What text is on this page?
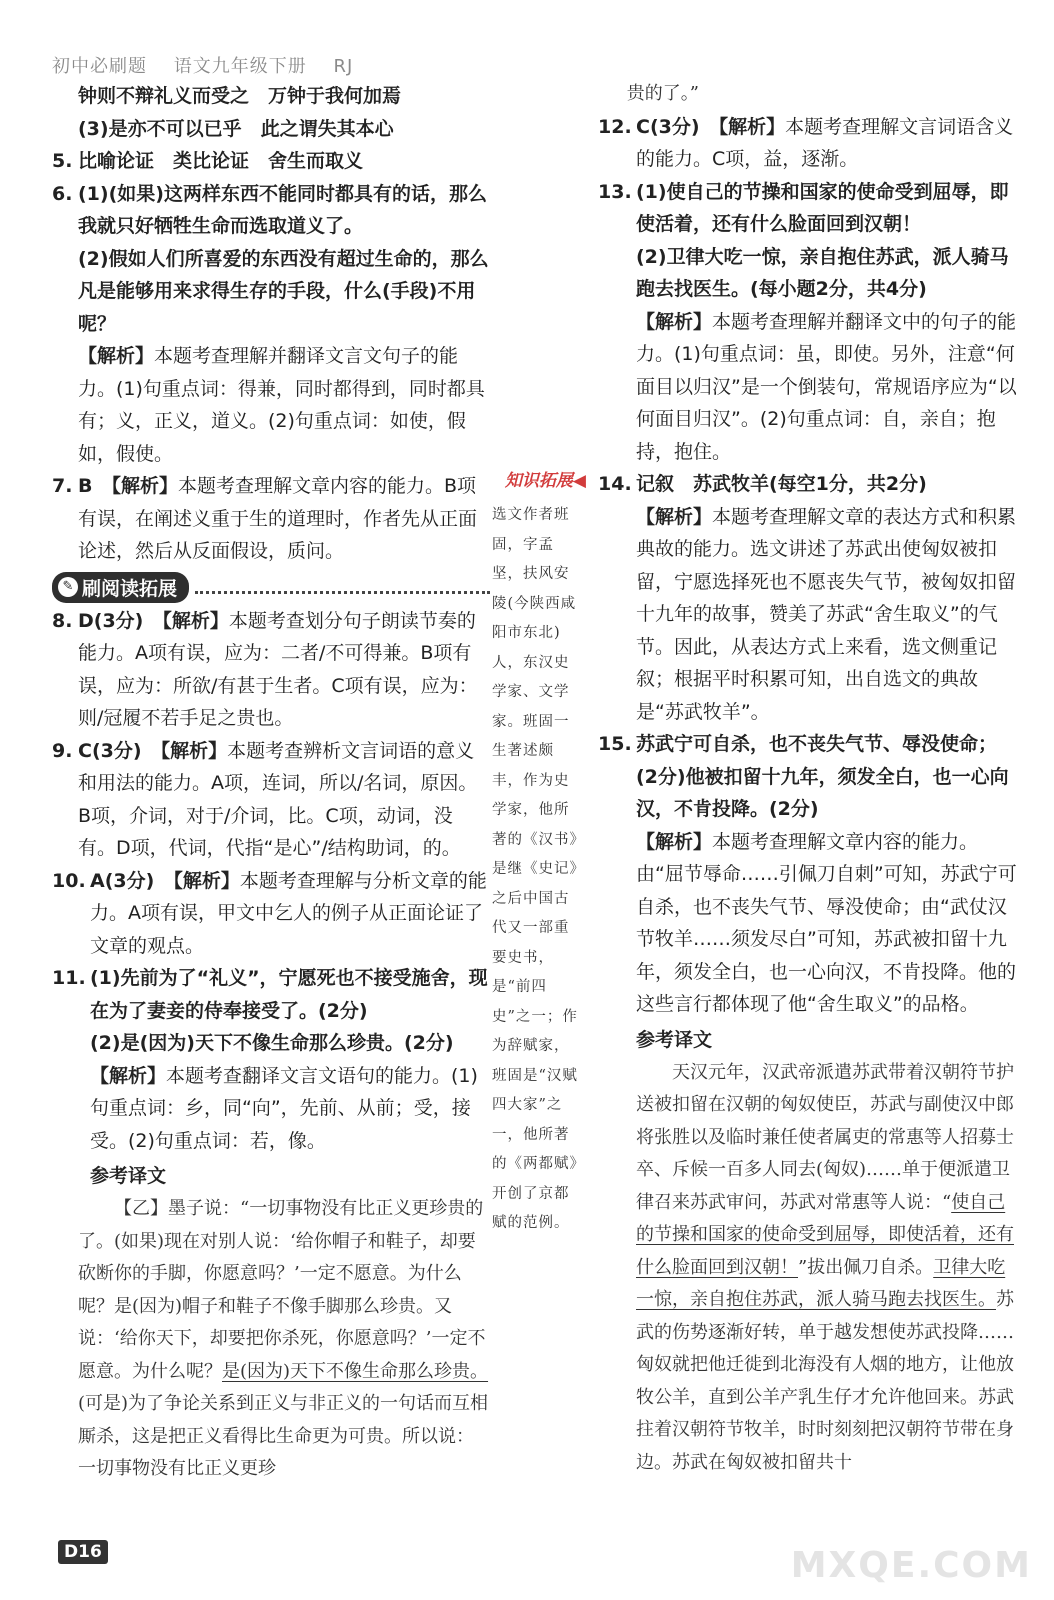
初中必刷题 语文九年级下册 RJ
钟则不辩礼义而受之　万钟于我何加焉
(3)是亦不可以已乎　此之谓失其本心
5. 比喻论证　类比论证　舍生而取义
6. (1)(如果)这两样东西不能同时都具有的话，那么我就只好牺牲生命而选取道义了。
(2)假如人们所喜爱的东西没有超过生命的，那么凡是能够用来求得生存的手段，什么(手段)不用呢？
【解析】本题考查理解并翻译文言文句子的能力。(1)句重点词：得兼，同时都得到，同时都具有；义，正义，道义。(2)句重点词：如使，假如，假使。
7. B　 【解析】本题考查理解文章内容的能力。B项有误，在阐述义重于生的道理时，作者先从正面论述，然后从反面假设，质问。
✎ 刷阅读拓展
8. D(3分)　 【解析】本题考查划分句子朗读节奏的能力。A项有误，应为：二者/不可得兼。B项有误，应为：所欲/有甚于生者。C项有误，应为：则/冠履不若手足之贵也。
9. C(3分)　 【解析】本题考查辨析文言词语的意义和用法的能力。A项，连词，所以/名词，原因。B项，介词，对于/介词，比。C项，动词，没有。D项，代词，代指“是心”/结构助词，的。
10. A(3分)　 【解析】本题考查理解与分析文章的能力。A项有误，甲文中乞人的例子从正面论证了文章的观点。
11. (1)先前为了“礼义”，宁愿死也不接受施舍，现在为了妻妾的侍奉接受了。(2分)
(2)是(因为)天下不像生命那么珍贵。(2分)
【解析】本题考查翻译文言文语句的能力。(1)句重点词：乡，同“向”，先前、从前；受，接受。(2)句重点词：若，像。
参考译文
【乙】墨子说：“一切事物没有比正义更珍贵的了。(如果)现在对别人说：‘给你帽子和鞋子，却要砍断你的手脚，你愿意吗？’一定不愿意。为什么呢？是(因为)帽子和鞋子不像手脚那么珍贵。又说：‘给你天下，却要把你杀死，你愿意吗？’一定不愿意。为什么呢？是(因为)天下不像生命那么珍贵。(可是)为了争论关系到正义与非正义的一句话而互相厮杀，这是把正义看得比生命更为可贵。所以说：一切事物没有比正义更珍
知识拓展◀
选文作者班固，字孟坚，扶风安陵(今陕西咸阳市东北)人，东汉史学家、文学家。班固一生著述颇丰，作为史学家，他所著的《汉书》是继《史记》之后中国古代又一部重要史书，是“前四史”之一；作为辞赋家，班固是“汉赋四大家”之一，他所著的《两都赋》开创了京都赋的范例。
贵的了。”
12. C(3分)　 【解析】本题考查理解文言词语含义的能力。C项，益，逐渐。
13. (1)使自己的节操和国家的使命受到屈辱，即使活着，还有什么脸面回到汉朝！
(2)卫律大吃一惊，亲自抱住苏武，派人骑马跑去找医生。(每小题2分，共4分)
【解析】本题考查理解并翻译文中的句子的能力。(1)句重点词：虽，即使。另外，注意“何面目以归汉”是一个倒装句，常规语序应为“以何面目归汉”。(2)句重点词：自，亲自；抱持，抱住。
14. 记叙　苏武牧羊(每空1分，共2分)
【解析】本题考查理解文章的表达方式和积累典故的能力。选文讲述了苏武出使匈奴被扣留，宁愿选择死也不愿丧失气节，被匈奴扣留十九年的故事，赞美了苏武“舍生取义”的气节。因此，从表达方式上来看，选文侧重记叙；根据平时积累可知，出自选文的典故是“苏武牧羊”。
15. 苏武宁可自杀，也不丧失气节、辱没使命；(2分)他被扣留十九年，须发全白，也一心向汉，不肯投降。(2分)
【解析】本题考查理解文章内容的能力。由“屈节辱命……引佩刀自刺”可知，苏武宁可自杀，也不丧失气节、辱没使命；由“武仗汉节牧羊……须发尽白”可知，苏武被扣留十九年，须发全白，也一心向汉，不肯投降。他的这些言行都体现了他“舍生取义”的品格。
参考译文
天汉元年，汉武帝派遣苏武带着汉朝符节护送被扣留在汉朝的匈奴使臣，苏武与副使汉中郎将张胜以及临时兼任使者属吏的常惠等人招募士卒、斥候一百多人同去(匈奴)……单于便派遣卫律召来苏武审问，苏武对常惠等人说：“使自己的节操和国家的使命受到屈辱，即使活着，还有什么脸面回到汉朝！”拔出佩刀自杀。卫律大吃一惊，亲自抱住苏武，派人骑马跑去找医生。苏武的伤势逐渐好转，单于越发想使苏武投降……匈奴就把他迁徙到北海没有人烟的地方，让他放牧公羊，直到公羊产乳生仔才允许他回来。苏武拄着汉朝符节牧羊，时时刻刻把汉朝符节带在身边。苏武在匈奴被扣留共十
D16	MXQE.COM
